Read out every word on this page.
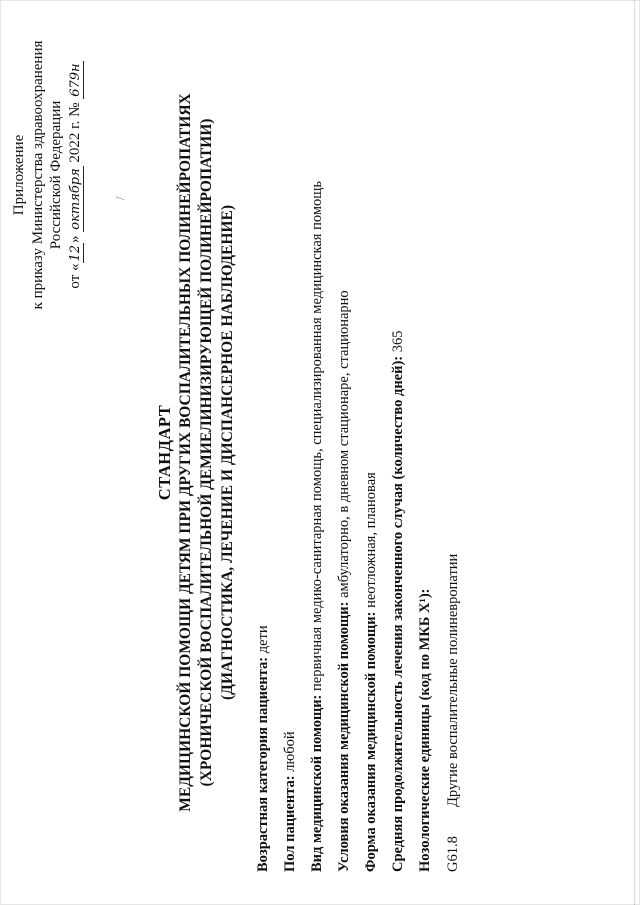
Приложение к приказу Министерства здравоохранения Российской Федерации
от «12» октября 2022 г. № 679н
СТАНДАРТ МЕДИЦИНСКОЙ ПОМОЩИ ДЕТЯМ ПРИ ДРУГИХ ВОСПАЛИТЕЛЬНЫХ ПОЛИНЕЙРОПАТИЯХ (ХРОНИЧЕСКОЙ ВОСПАЛИТЕЛЬНОЙ ДЕМИЕЛИНИЗИРУЮЩЕЙ ПОЛИНЕЙРОПАТИИ) (ДИАГНОСТИКА, ЛЕЧЕНИЕ И ДИСПАНСЕРНОЕ НАБЛЮДЕНИЕ)
Возрастная категория пациента: дети
Пол пациента: любой Вид медицинской помощи: первичная медико-санитарная помощь, специализированная медицинская помощь
Условия оказания медицинской помощи: амбулаторно, в дневном стационаре, стационарно
Форма оказания медицинской помощи: неотложная, плановая Средняя продолжительность лечения законченного случая (количество дней): 365
Нозологические единицы (код по МКБ X¹): G61.8
Другие воспалительные полиневропатии
/
